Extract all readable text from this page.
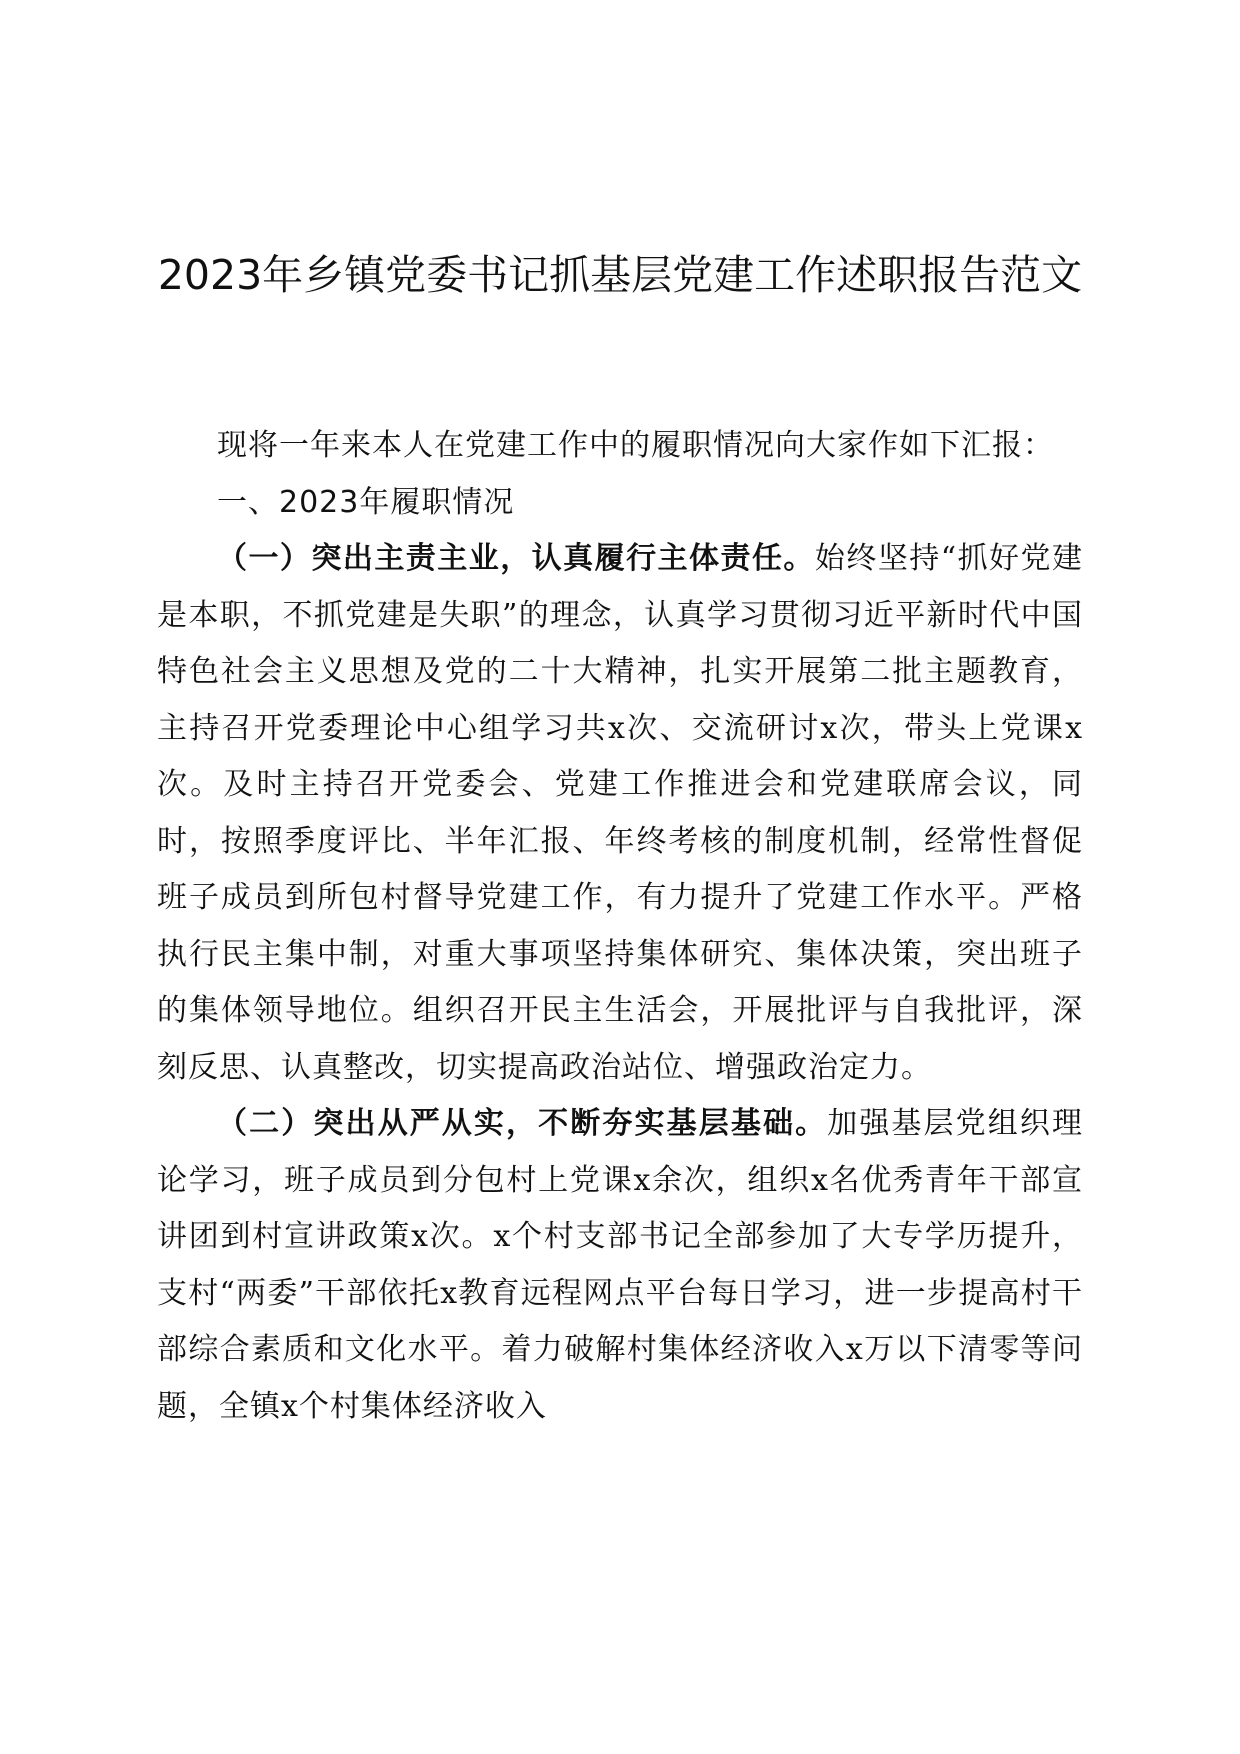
2023年乡镇党委书记抓基层党建工作述职报告范文

现将一年来本人在党建工作中的履职情况向大家作如下汇报：

一、2023年履职情况

（一）突出主责主业，认真履行主体责任。始终坚持“抓好党建是本职，不抓党建是失职”的理念，认真学习贯彻习近平新时代中国特色社会主义思想及党的二十大精神，扎实开展第二批主题教育，主持召开党委理论中心组学习共x次、交流研讨x次，带头上党课x次。及时主持召开党委会、党建工作推进会和党建联席会议，同时，按照季度评比、半年汇报、年终考核的制度机制，经常性督促班子成员到所包村督导党建工作，有力提升了党建工作水平。严格执行民主集中制，对重大事项坚持集体研究、集体决策，突出班子的集体领导地位。组织召开民主生活会，开展批评与自我批评，深刻反思、认真整改，切实提高政治站位、增强政治定力。

（二）突出从严从实，不断夯实基层基础。加强基层党组织理论学习，班子成员到分包村上党课x余次，组织x名优秀青年干部宣讲团到村宣讲政策x次。x个村支部书记全部参加了大专学历提升，支村“两委”干部依托x教育远程网点平台每日学习，进一步提高村干部综合素质和文化水平。着力破解村集体经济收入x万以下清零等问题，全镇x个村集体经济收入
